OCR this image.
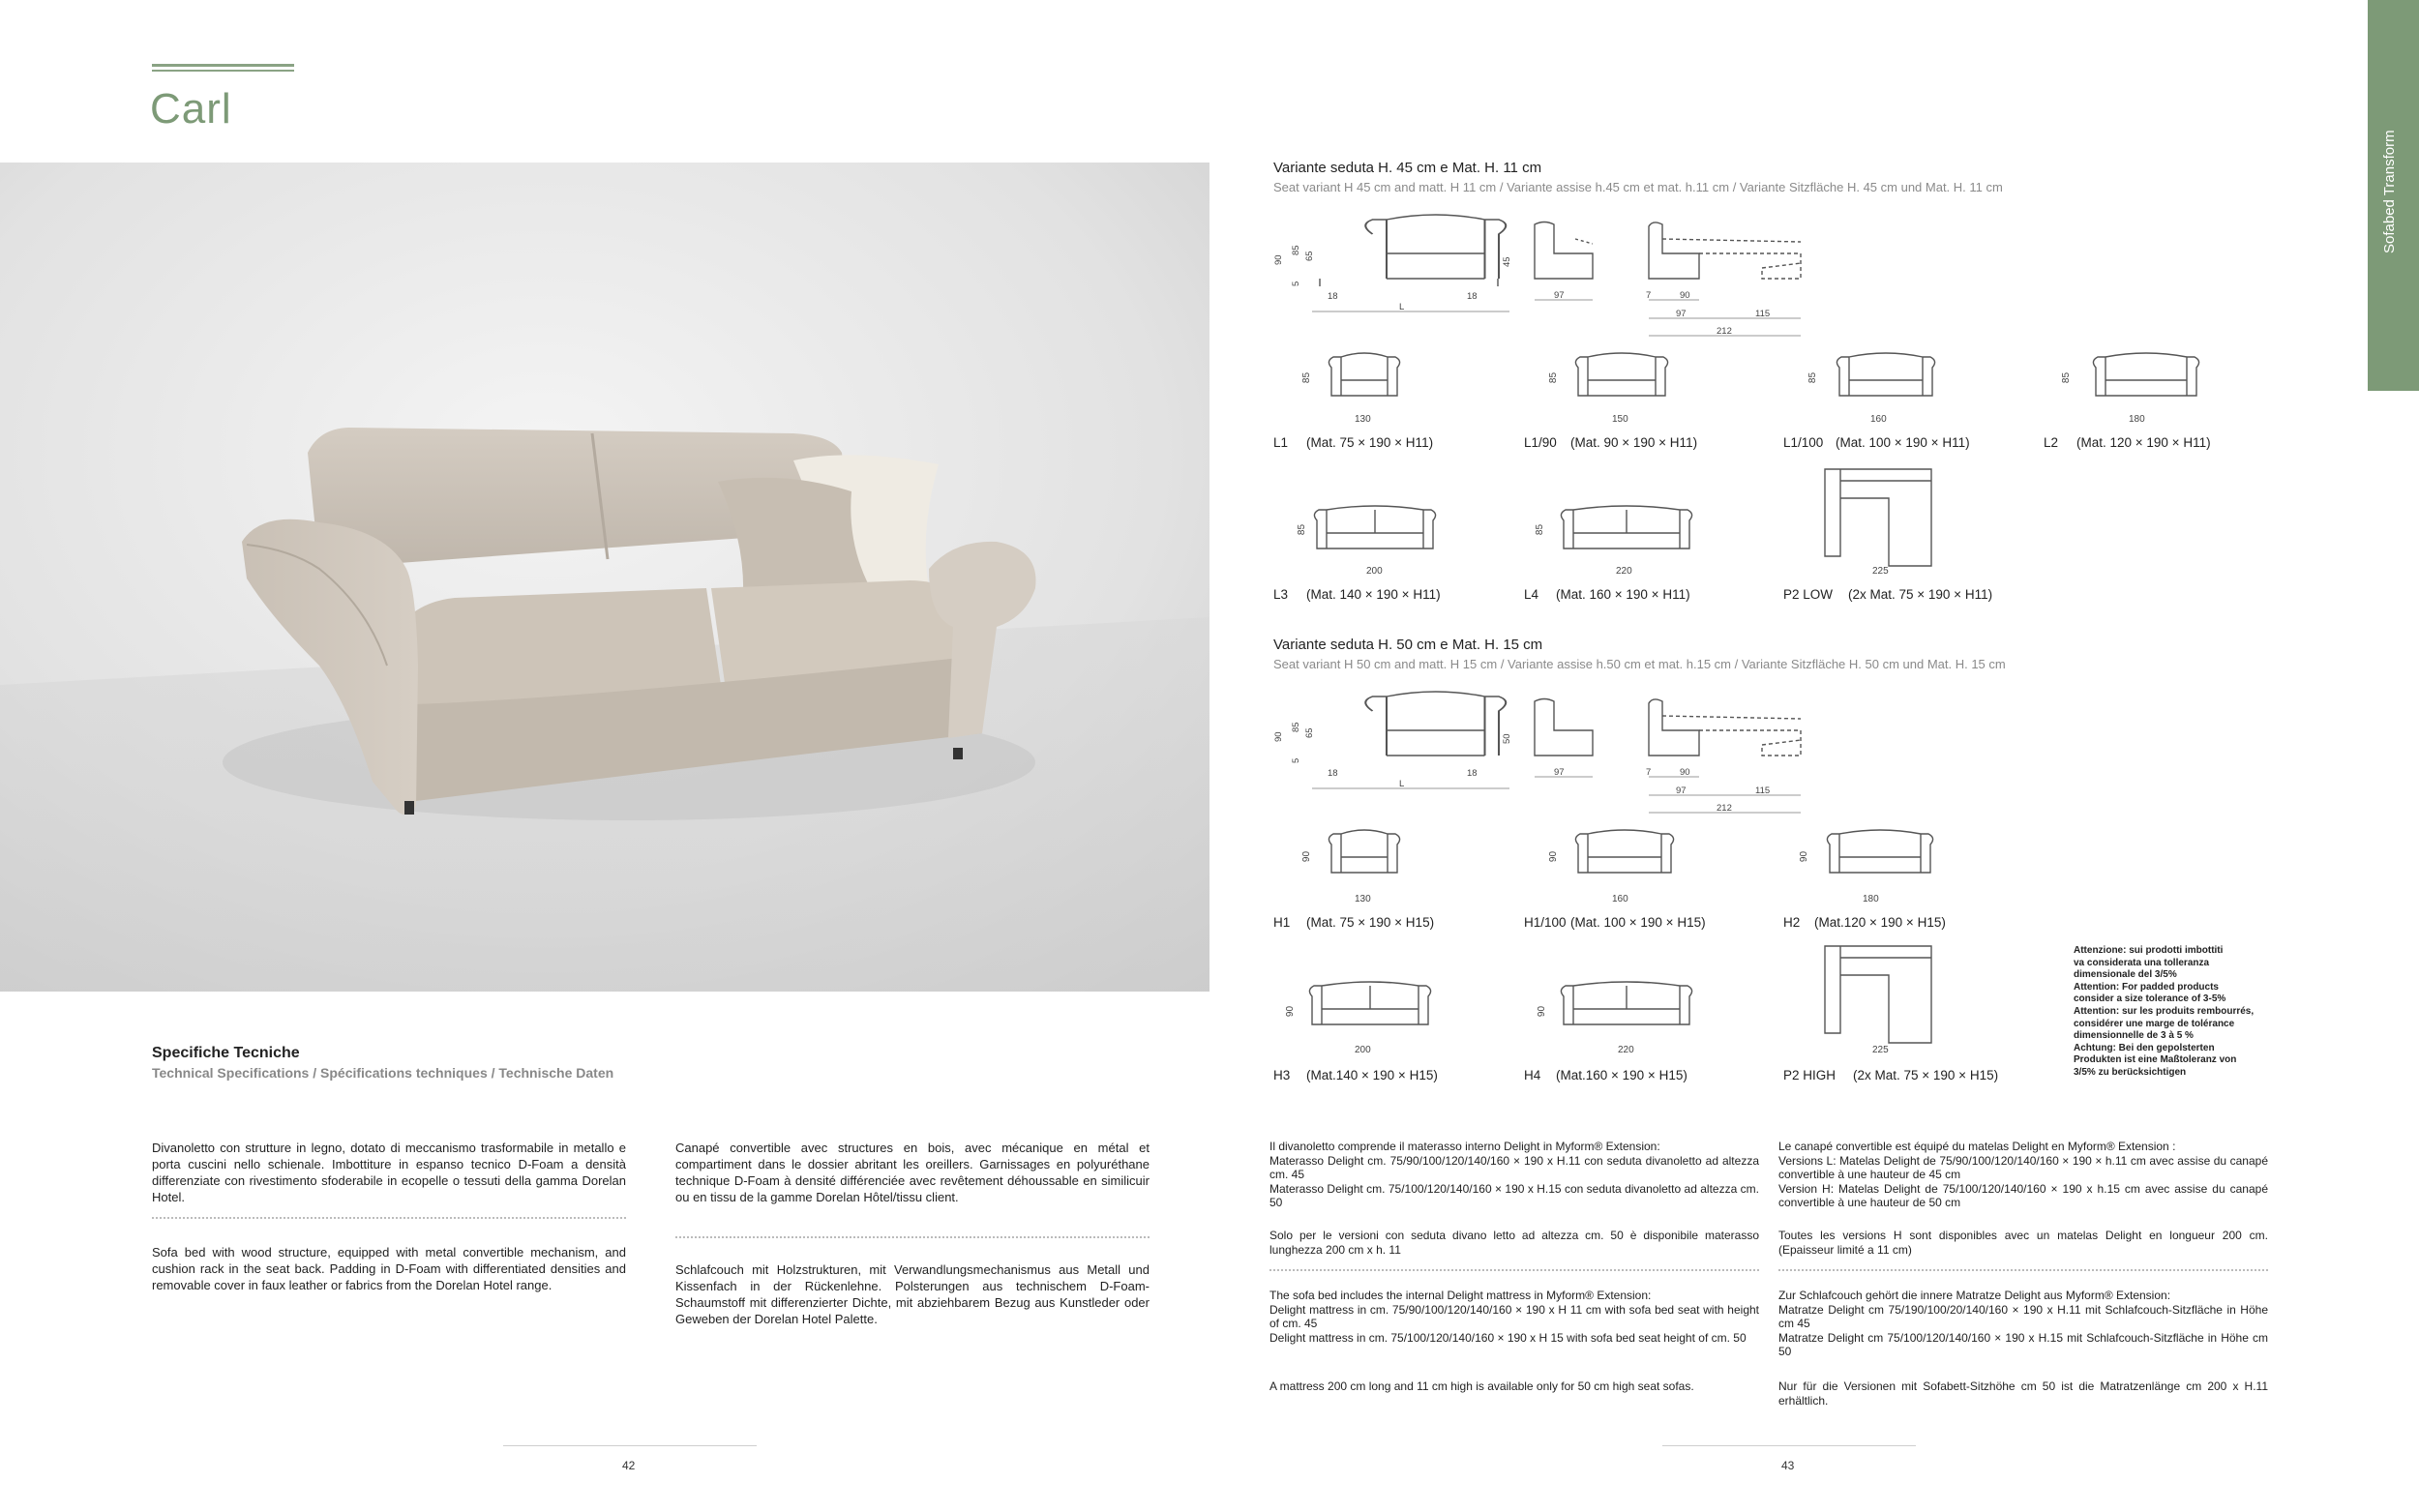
Carl
Sofabed Transform
Specifiche Tecniche
Technical Specifications / Spécifications techniques / Technische Daten
Divanoletto con strutture in legno, dotato di meccanismo trasformabile in metallo e porta cuscini nello schienale. Imbottiture in espanso tecnico D-Foam a densità differenziate con rivestimento sfoderabile in ecopelle o tessuti della gamma Dorelan Hotel.
Sofa bed with wood structure, equipped with metal convertible mechanism, and cushion rack in the seat back. Padding in D-Foam with differentiated densities and removable cover in faux leather or fabrics from the Dorelan Hotel range.
Canapé convertible avec structures en bois, avec mécanique en métal et compartiment dans le dossier abritant les oreillers. Garnissages en polyuréthane technique D-Foam à densité différenciée avec revêtement déhoussable en similicuir ou en tissu de la gamme Dorelan Hôtel/tissu client.
Schlafcouch mit Holzstrukturen, mit Verwandlungsmechanismus aus Metall und Kissenfach in der Rückenlehne. Polsterungen aus technischem D-Foam-Schaumstoff mit differenzierter Dichte, mit abziehbarem Bezug aus Kunstleder oder Geweben der Dorelan Hotel Palette.
42
Variante seduta H. 45 cm e Mat. H. 11 cm
Seat variant H 45 cm and matt. H 11 cm / Variante assise h.45 cm et mat. h.11 cm / Variante Sitzfläche H. 45 cm und Mat. H. 11 cm
90
85
65
5
18	18
L
45
97	7	90
97	115
212

130	150	160	180
200	220	225
85	85	85	85
85	85
L1 (Mat. 75 × 190 × H11)	L1/90 (Mat. 90 × 190 × H11)	L1/100 (Mat. 100 × 190 × H11)	L2 (Mat. 120 × 190 × H11)
L3 (Mat. 140 × 190 × H11)	L4 (Mat. 160 × 190 × H11)	P2 LOW (2x Mat. 75 × 190 × H11)
Variante seduta H. 50 cm e Mat. H. 15 cm
Seat variant H 50 cm and matt. H 15 cm / Variante assise h.50 cm et mat. h.15 cm / Variante Sitzfläche H. 50 cm und Mat. H. 15 cm
90
85
65
5
18	18
L
50
97	7	90
97	115
212
130	160	180
200	220	225
90	90	90
90	90
H1 (Mat. 75 × 190 × H15)	H1/100 (Mat. 100 × 190 × H15)	H2 (Mat.120 × 190 × H15)
H3 (Mat.140 × 190 × H15)	H4 (Mat.160 × 190 × H15)	P2 HIGH (2x Mat. 75 × 190 × H15)
Attenzione: sui prodotti imbottiti
va considerata una tolleranza
dimensionale del 3/5%
Attention: For padded products
consider a size tolerance of 3-5%
Attention: sur les produits rembourrés,
considérer une marge de tolérance
dimensionnelle de 3 à 5 %
Achtung: Bei den gepolsterten
Produkten ist eine Maßtoleranz von
3/5% zu berücksichtigen
Il divanoletto comprende il materasso interno Delight in Myform® Extension:
Materasso Delight cm. 75/90/100/120/140/160 × 190 x H.11 con seduta divanoletto ad altezza cm. 45
Materasso Delight cm. 75/100/120/140/160 × 190 x H.15 con seduta divanoletto ad altezza cm. 50
Solo per le versioni con seduta divano letto ad altezza cm. 50 è disponibile materasso lunghezza 200 cm x h. 11
The sofa bed includes the internal Delight mattress in Myform® Extension:
Delight mattress in cm. 75/90/100/120/140/160 × 190 x H 11 cm with sofa bed seat with height of cm. 45
Delight mattress in cm. 75/100/120/140/160 × 190 x H 15 with sofa bed seat height of cm. 50
A mattress 200 cm long and 11 cm high is available only for 50 cm high seat sofas.
Le canapé convertible est équipé du matelas Delight en Myform® Extension :
Versions L: Matelas Delight de 75/90/100/120/140/160 × 190 × h.11 cm avec assise du canapé convertible à une hauteur de 45 cm
Version H: Matelas Delight de 75/100/120/140/160 × 190 x h.15 cm avec assise du canapé convertible à une hauteur de 50 cm
Toutes les versions H sont disponibles avec un matelas Delight en longueur 200 cm. (Epaisseur limité a 11 cm)
Zur Schlafcouch gehört die innere Matratze Delight aus Myform® Extension:
Matratze Delight cm 75/190/100/20/140/160 × 190 x H.11 mit Schlafcouch-Sitzfläche in Höhe cm 45
Matratze Delight cm 75/100/120/140/160 × 190 x H.15 mit Schlafcouch-Sitzfläche in Höhe cm 50
Nur für die Versionen mit Sofabett-Sitzhöhe cm 50 ist die Matratzenlänge cm 200 x H.11 erhältlich.
43
